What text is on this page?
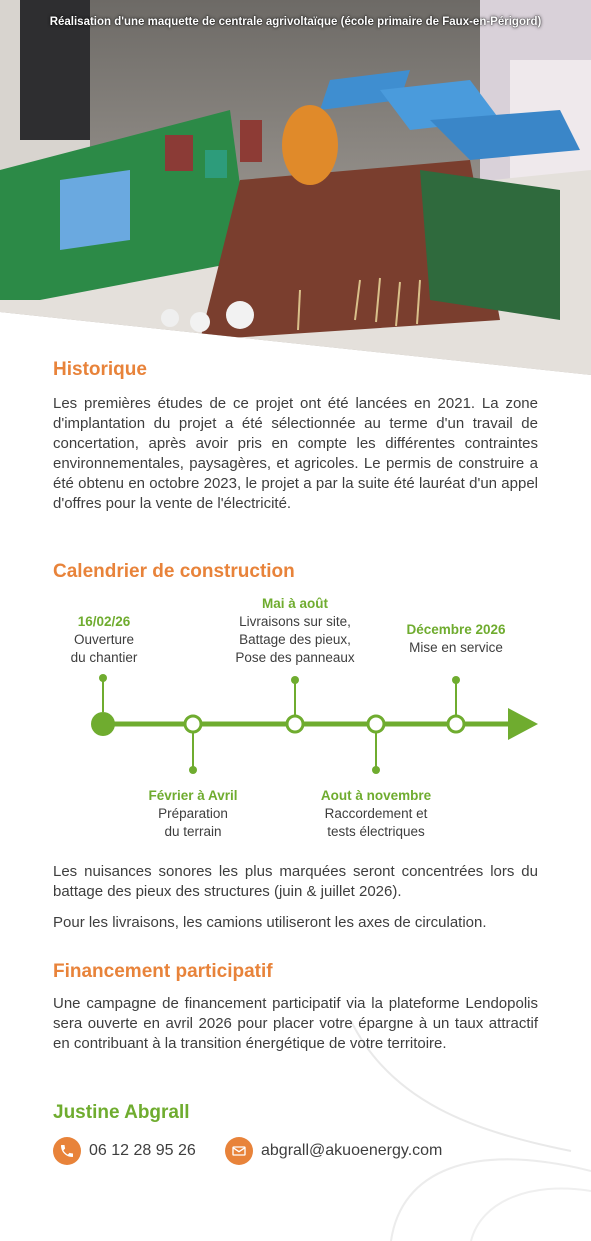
Réalisation d'une maquette de centrale agrivoltaïque (école primaire de Faux-en-Périgord)
Historique

Les premières études de ce projet ont été lancées en 2021. La zone d'implantation du projet a été sélectionnée au terme d'un travail de concertation, après avoir pris en compte les différentes contraintes environnementales, paysagères, et agricoles. Le permis de construire a été obtenu en octobre 2023, le projet a par la suite été lauréat d'un appel d'offres pour la vente de l'électricité.

Calendrier de construction
16/02/26
Ouverture
du chantier
Mai à août
Livraisons sur site,
Battage des pieux,
Pose des panneaux
Décembre 2026
Mise en service
Février à Avril
Préparation
du terrain
Aout à novembre
Raccordement et
tests électriques

Les nuisances sonores les plus marquées seront concentrées lors du battage des pieux des structures (juin & juillet 2026).

Pour les livraisons, les camions utiliseront les axes de circulation.

Financement participatif

Une campagne de financement participatif via la plateforme Lendopolis sera ouverte en avril 2026 pour placer votre épargne à un taux attractif en contribuant à la transition énergétique de votre territoire.

Justine Abgrall
06 12 28 95 26	abgrall@akuoenergy.com
